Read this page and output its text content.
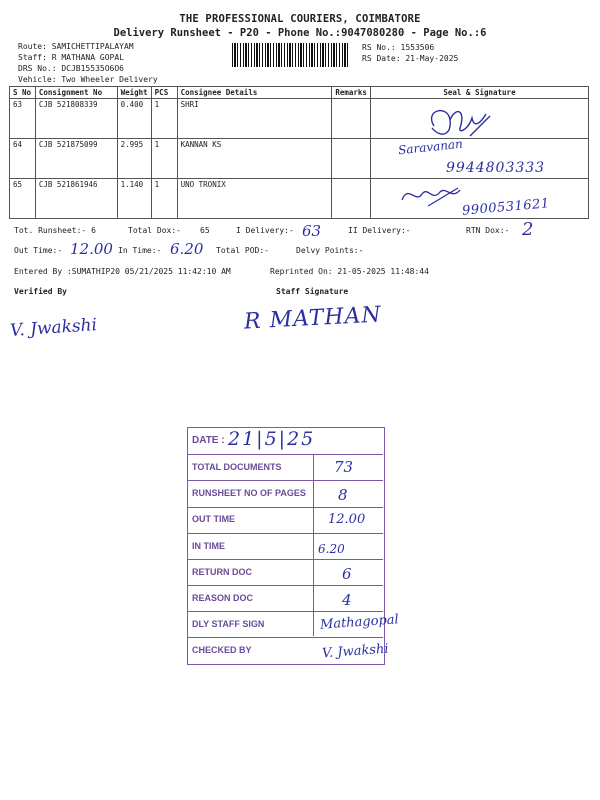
THE PROFESSIONAL COURIERS, COIMBATORE
Delivery Runsheet - P20 - Phone No.:9047080280 - Page No.:6
Route: SAMICHETTIPALAYAM
Staff: R MATHANA GOPAL
DRS No.: DCJB15535O6O6
Vehicle: Two Wheeler Delivery
RS No.: 1553506
RS Date: 21-May-2025
S No	Consignment No	Weight	PCS	Consignee Details	Remarks	Seal & Signature
63	CJB 521808339	0.400	1	SHRI		
64	CJB 521875099	2.995	1	KANNAN KS		
65	CJB 521861946	1.140	1	UNO TRONIX		
Saravanan
9944803333
9900531621
Tot. Runsheet:- 6	Total Dox:- 65	I Delivery:- 63	II Delivery:-	RTN Dox:- 2
Out Time:- 12.00 In Time:- 6.20 Total POD:-	Delvy Points:-
Entered By :SUMATHIP20 05/21/2025 11:42:10 AM	Reprinted On: 21-05-2025 11:48:44
Verified By	Staff Signature
V. Jwakshi	R MATHAN
DATE : 21|5|25
TOTAL DOCUMENTS	73
RUNSHEET NO OF PAGES 8
OUT TIME	12.00
IN TIME	6.20
RETURN DOC	6
REASON DOC	4
DLY STAFF SIGN	Mathagopal
CHECKED BY	V. Jwakshi
